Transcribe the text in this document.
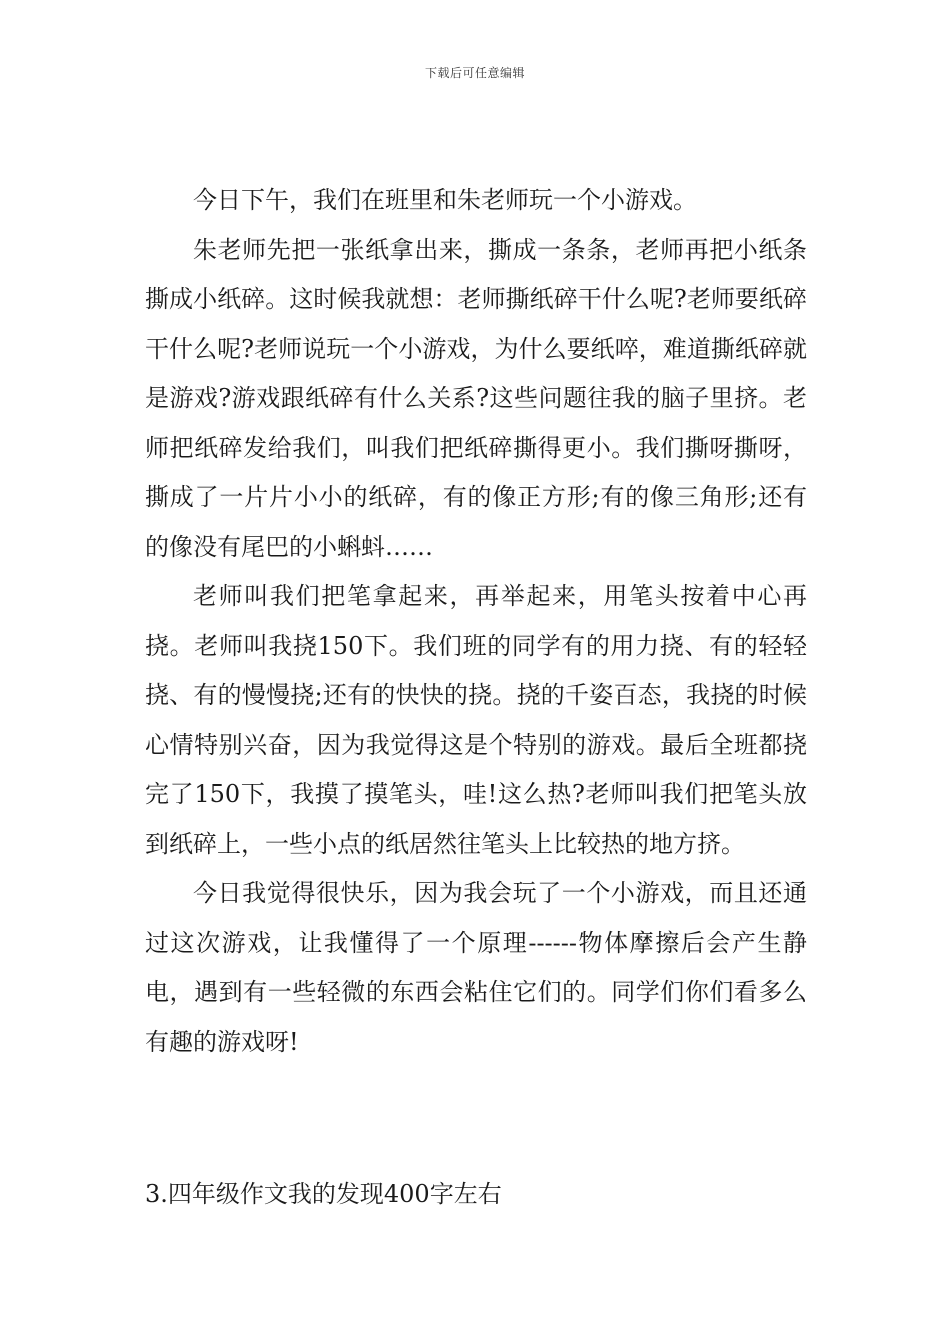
下载后可任意编辑

今日下午，我们在班里和朱老师玩一个小游戏。

朱老师先把一张纸拿出来，撕成一条条，老师再把小纸条撕成小纸碎。这时候我就想：老师撕纸碎干什么呢?老师要纸碎干什么呢?老师说玩一个小游戏，为什么要纸啐，难道撕纸碎就是游戏?游戏跟纸碎有什么关系?这些问题往我的脑子里挤。老师把纸碎发给我们，叫我们把纸碎撕得更小。我们撕呀撕呀，撕成了一片片小小的纸碎，有的像正方形;有的像三角形;还有的像没有尾巴的小蝌蚪……

老师叫我们把笔拿起来，再举起来，用笔头按着中心再挠。老师叫我挠150下。我们班的同学有的用力挠、有的轻轻挠、有的慢慢挠;还有的快快的挠。挠的千姿百态，我挠的时候心情特别兴奋，因为我觉得这是个特别的游戏。最后全班都挠完了150下，我摸了摸笔头，哇!这么热?老师叫我们把笔头放到纸碎上，一些小点的纸居然往笔头上比较热的地方挤。

今日我觉得很快乐，因为我会玩了一个小游戏，而且还通过这次游戏，让我懂得了一个原理------物体摩擦后会产生静电，遇到有一些轻微的东西会粘住它们的。同学们你们看多么有趣的游戏呀!

3.四年级作文我的发现400字左右
